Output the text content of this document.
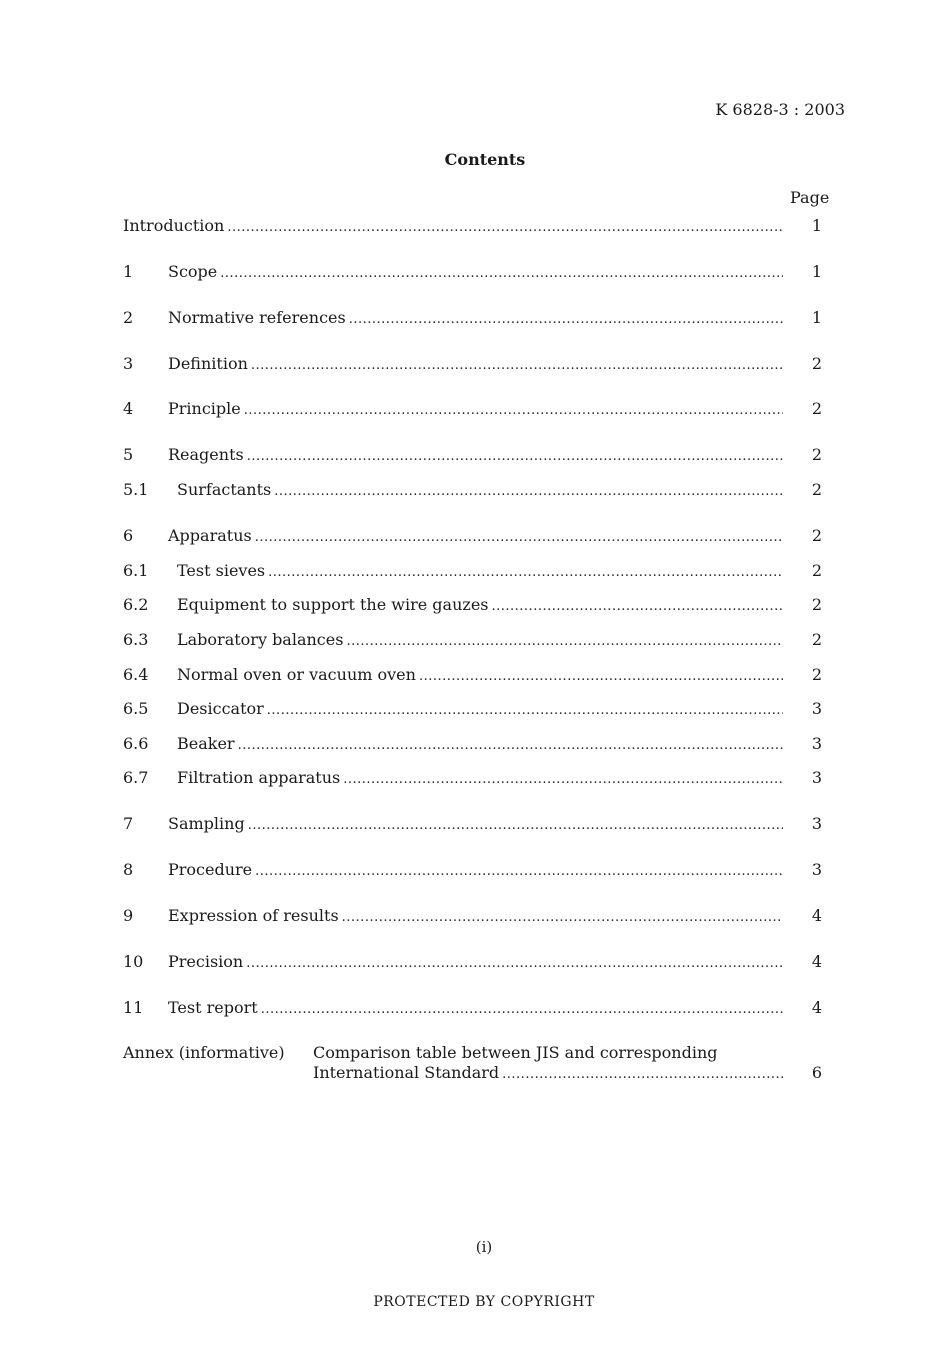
K 6828-3 : 2003
Contents
Page
Introduction .....	1
1 Scope .....	1
2 Normative references .....	1
3 Definition .....	2
4 Principle .....	2
5 Reagents .....	2
5.1 Surfactants .....	2
6 Apparatus .....	2
6.1 Test sieves .....	2
6.2 Equipment to support the wire gauzes .....	2
6.3 Laboratory balances .....	2
6.4 Normal oven or vacuum oven .....	2
6.5 Desiccator .....	3
6.6 Beaker .....	3
6.7 Filtration apparatus .....	3
7 Sampling .....	3
8 Procedure .....	3
9 Expression of results .....	4
10 Precision .....	4
11 Test report .....	4
Annex (informative) Comparison table between JIS and corresponding
International Standard .....	6
(i)
PROTECTED BY COPYRIGHT
